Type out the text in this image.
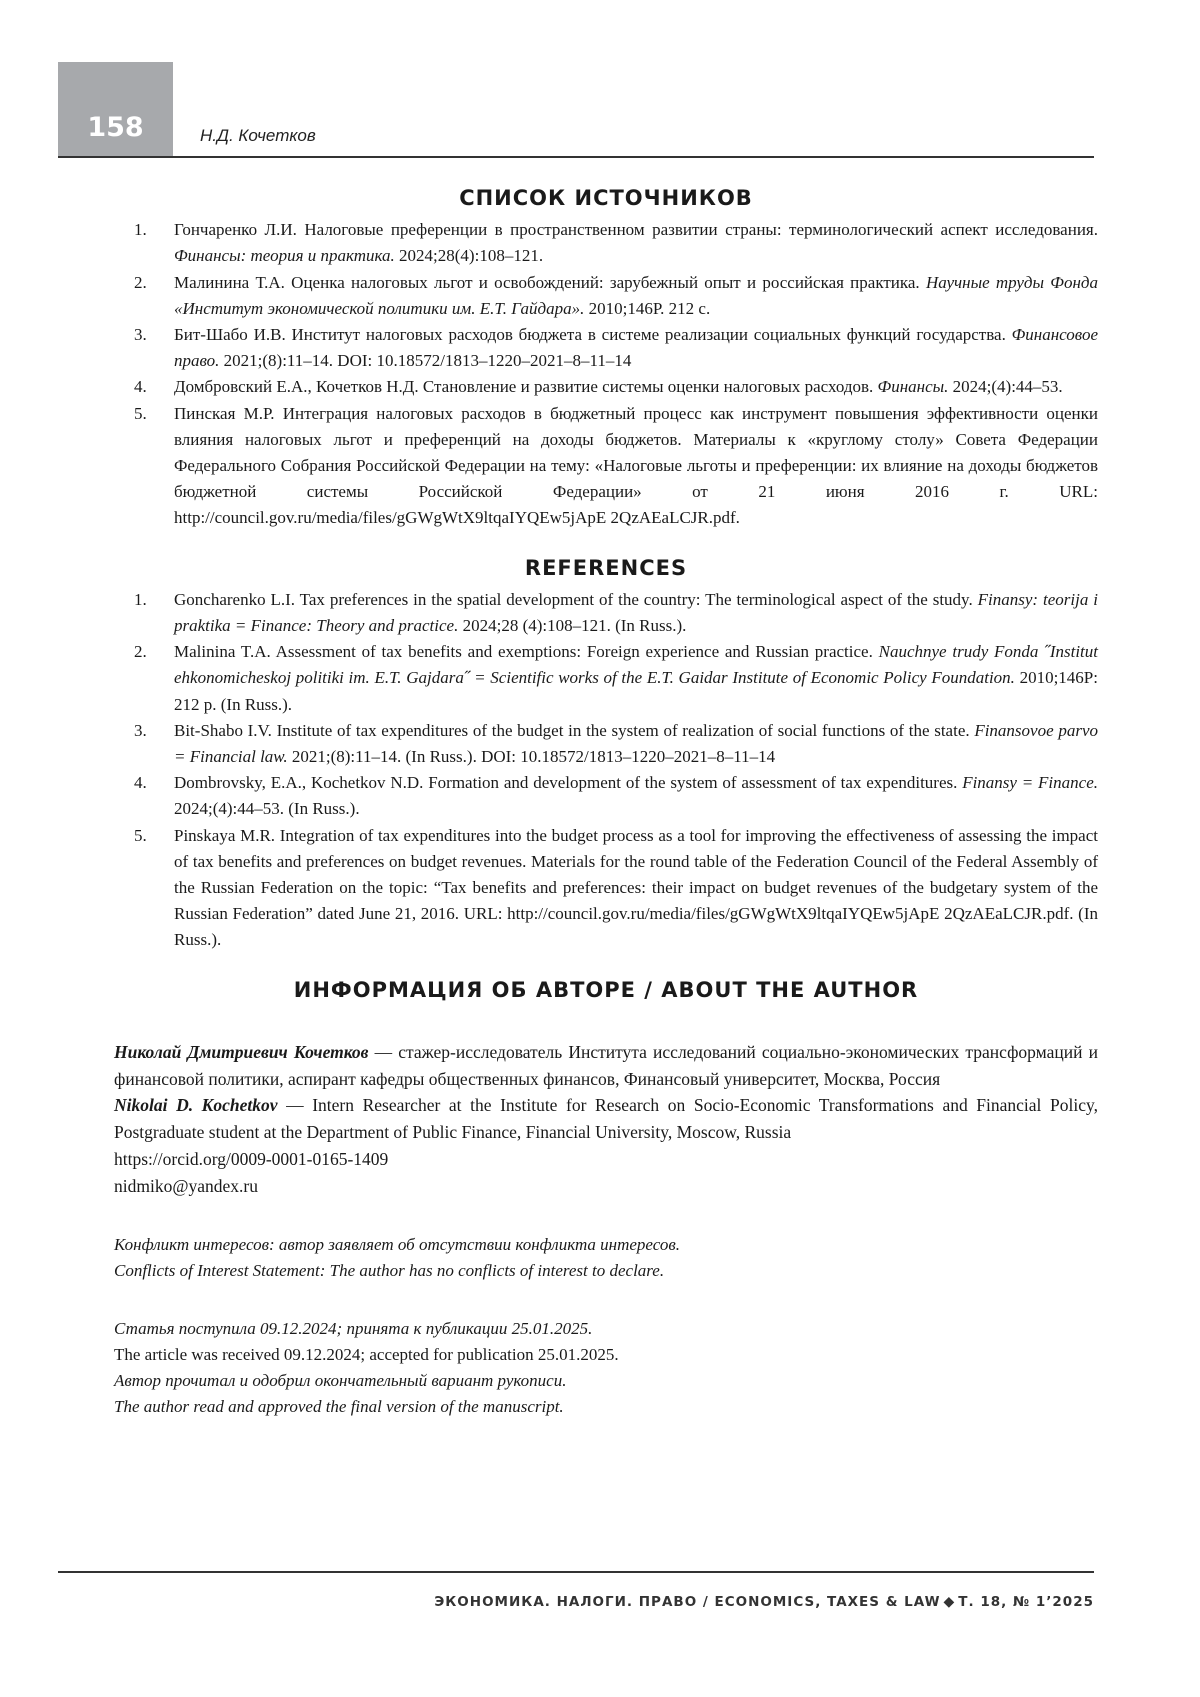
158	Н.Д. Кочетков
СПИСОК ИСТОЧНИКОВ
1. Гончаренко Л.И. Налоговые преференции в пространственном развитии страны: терминологический аспект исследования. Финансы: теория и практика. 2024;28(4):108–121.
2. Малинина Т.А. Оценка налоговых льгот и освобождений: зарубежный опыт и российская практика. Научные труды Фонда «Институт экономической политики им. Е.Т. Гайдара». 2010;146Р. 212 с.
3. Бит-Шабо И.В. Институт налоговых расходов бюджета в системе реализации социальных функций государства. Финансовое право. 2021;(8):11–14. DOI: 10.18572/1813–1220–2021–8–11–14
4. Домбровский Е.А., Кочетков Н.Д. Становление и развитие системы оценки налоговых расходов. Финансы. 2024;(4):44–53.
5. Пинская М.Р. Интеграция налоговых расходов в бюджетный процесс как инструмент повышения эффективности оценки влияния налоговых льгот и преференций на доходы бюджетов. Материалы к «круглому столу» Совета Федерации Федерального Собрания Российской Федерации на тему: «Налоговые льготы и преференции: их влияние на доходы бюджетов бюджетной системы Российской Федерации» от 21 июня 2016 г. URL: http://council.gov.ru/media/files/gGWgWtX9ltqaIYQEw5jApE 2QzAEaLCJR.pdf.
REFERENCES
1. Goncharenko L.I. Tax preferences in the spatial development of the country: The terminological aspect of the study. Finansy: teorija i praktika = Finance: Theory and practice. 2024;28 (4):108–121. (In Russ.).
2. Malinina T.A. Assessment of tax benefits and exemptions: Foreign experience and Russian practice. Nauchnye trudy Fonda ˝Institut ehkonomicheskoj politiki im. E.T. Gajdara˝ = Scientific works of the E.T. Gaidar Institute of Economic Policy Foundation. 2010;146P: 212 p. (In Russ.).
3. Bit-Shabo I.V. Institute of tax expenditures of the budget in the system of realization of social functions of the state. Finansovoe parvo = Financial law. 2021;(8):11–14. (In Russ.). DOI: 10.18572/1813–1220–2021–8–11–14
4. Dombrovsky, E.A., Kochetkov N.D. Formation and development of the system of assessment of tax expenditures. Finansy = Finance. 2024;(4):44–53. (In Russ.).
5. Pinskaya M.R. Integration of tax expenditures into the budget process as a tool for improving the effectiveness of assessing the impact of tax benefits and preferences on budget revenues. Materials for the round table of the Federation Council of the Federal Assembly of the Russian Federation on the topic: “Tax benefits and preferences: their impact on budget revenues of the budgetary system of the Russian Federation” dated June 21, 2016. URL: http://council.gov.ru/media/files/gGWgWtX9ltqaIYQEw5jApE 2QzAEaLCJR.pdf. (In Russ.).
ИНФОРМАЦИЯ ОБ АВТОРЕ / ABOUT THE AUTHOR

Николай Дмитриевич Кочетков — стажер-исследователь Института исследований социально-экономических трансформаций и финансовой политики, аспирант кафедры общественных финансов, Финансовый университет, Москва, Россия

Nikolai D. Kochetkov — Intern Researcher at the Institute for Research on Socio-Economic Transformations and Financial Policy, Postgraduate student at the Department of Public Finance, Financial University, Moscow, Russia

https://orcid.org/0009-0001-0165-1409

nidmiko@yandex.ru

Конфликт интересов: автор заявляет об отсутствии конфликта интересов.

Conflicts of Interest Statement: The author has no conflicts of interest to declare.

Статья поступила 09.12.2024; принята к публикации 25.01.2025.

The article was received 09.12.2024; accepted for publication 25.01.2025.

Автор прочитал и одобрил окончательный вариант рукописи.

The author read and approved the final version of the manuscript.

ЭКОНОМИКА. НАЛОГИ. ПРАВО / ECONOMICS, TAXES & LAW ◆ Т. 18, № 1’2025
